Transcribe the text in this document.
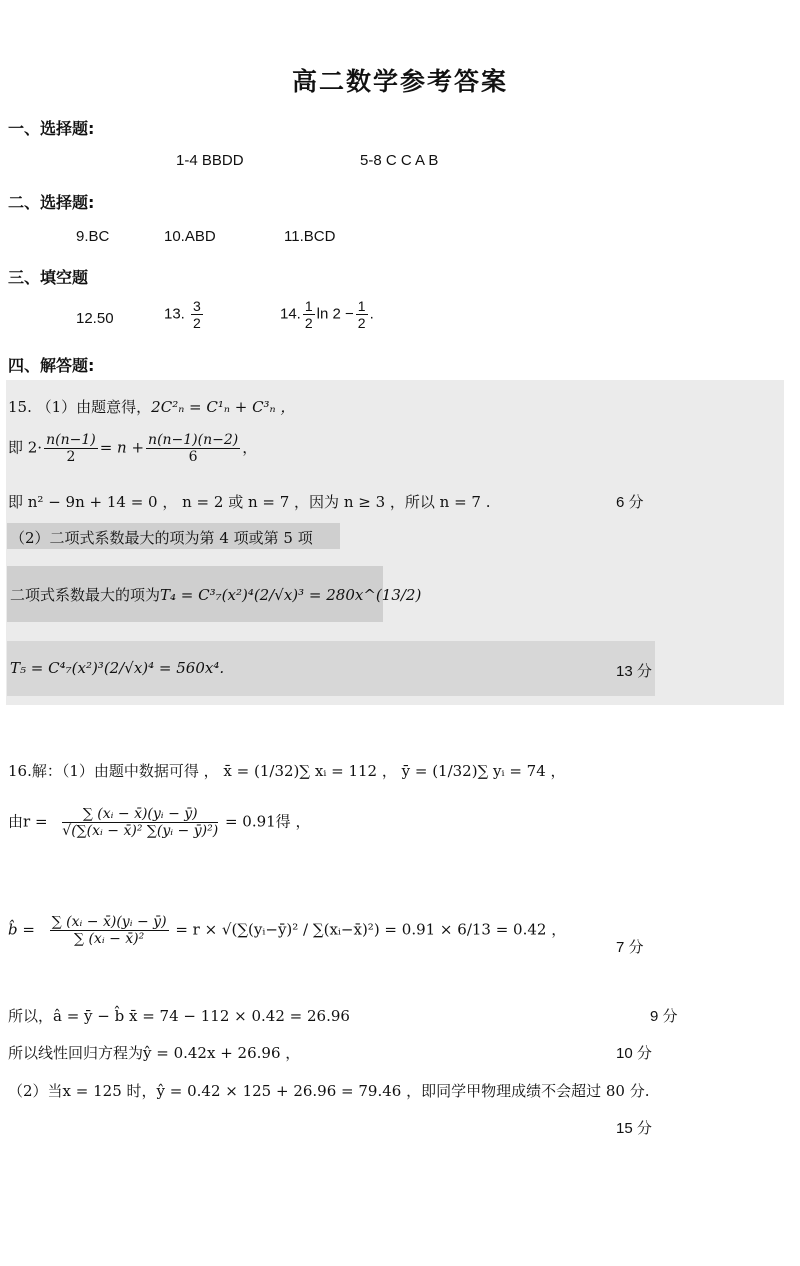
高二数学参考答案
一、选择题:
1-4 BBDD	5-8 C C A B
二、选择题:
9.BC	10.ABD	11.BCD
三、填空题
12.50	13. $\frac{3}{2}$	14. $\frac{1}{2}$ $\ln 2 - \frac{1}{2}$ .
四、解答题:
15. （1）由题意得，2C²ₙ = C¹ₙ + C³ₙ ，
即 $2\cdot \frac{n(n-1)}{2} = n + \frac{n(n-1)(n-2)}{6}$ ，
即 n² − 9n + 14 = 0 ， n = 2 或 n = 7 ，因为 n ≥ 3 ，所以 n = 7 .	6 分
（2）二项式系数最大的项为第 4 项或第 5 项
二项式系数最大的项为T₄ = C³₇(x²)⁴(2/√x)³ = 280x^(13/2)
T₅ = C⁴₇(x²)³(2/√x)⁴ = 560x⁴.	13 分
16.解：（1）由题中数据可得 ， x̄ = (1/32)∑ xᵢ = 112 ， ȳ = (1/32)∑ yᵢ = 74 ，
由$r = \frac{\text{∑ (xᵢ − x̄)(yᵢ − ȳ)}}{\text{√(∑(xᵢ − x̄)² ∑(yᵢ − ȳ)²)}} = 0.91$得 ，
b̂ = $\frac{\text{∑ (xᵢ − x̄)(yᵢ − ȳ)}}{\text{∑ (xᵢ − x̄)²}} = r$ × √(∑(yᵢ−ȳ)² / ∑(xᵢ−x̄)²) = 0.91 × 6/13 = 0.42 ，
7 分
所以，â = ȳ − b̂ x̄ = 74 − 112 × 0.42 = 26.96	9 分
所以线性回归方程为ŷ = 0.42x + 26.96 ，	10 分
（2）当x = 125 时，ŷ = 0.42 × 125 + 26.96 = 79.46 ，即同学甲物理成绩不会超过 80 分.
15 分
